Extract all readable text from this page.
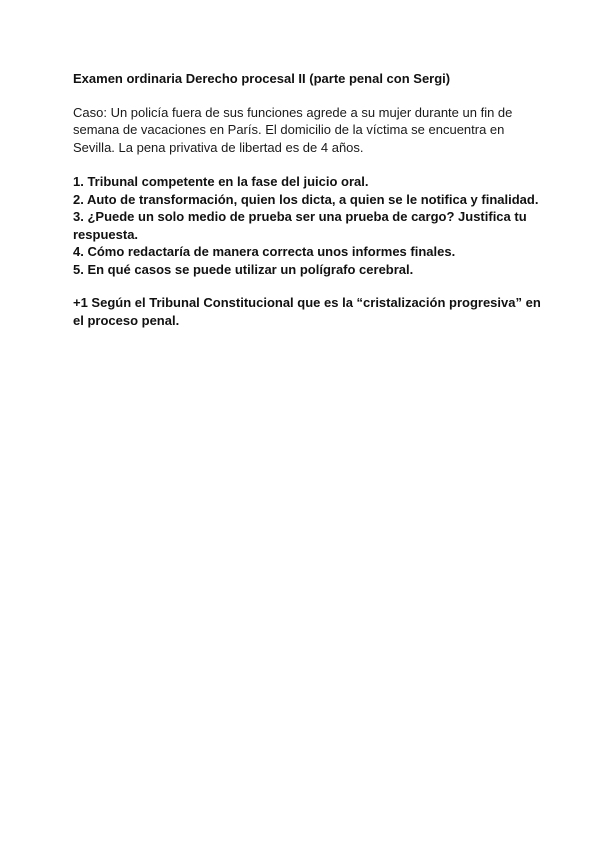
Examen ordinaria Derecho procesal II (parte penal con Sergi)

Caso: Un policía fuera de sus funciones agrede a su mujer durante un fin de semana de vacaciones en París. El domicilio de la víctima se encuentra en Sevilla. La pena privativa de libertad es de 4 años.

1. Tribunal competente en la fase del juicio oral.
2. Auto de transformación, quien los dicta, a quien se le notifica y finalidad.
3. ¿Puede un solo medio de prueba ser una prueba de cargo? Justifica tu respuesta.
4. Cómo redactaría de manera correcta unos informes finales.
5. En qué casos se puede utilizar un polígrafo cerebral.

+1 Según el Tribunal Constitucional que es la “cristalización progresiva” en el proceso penal.
